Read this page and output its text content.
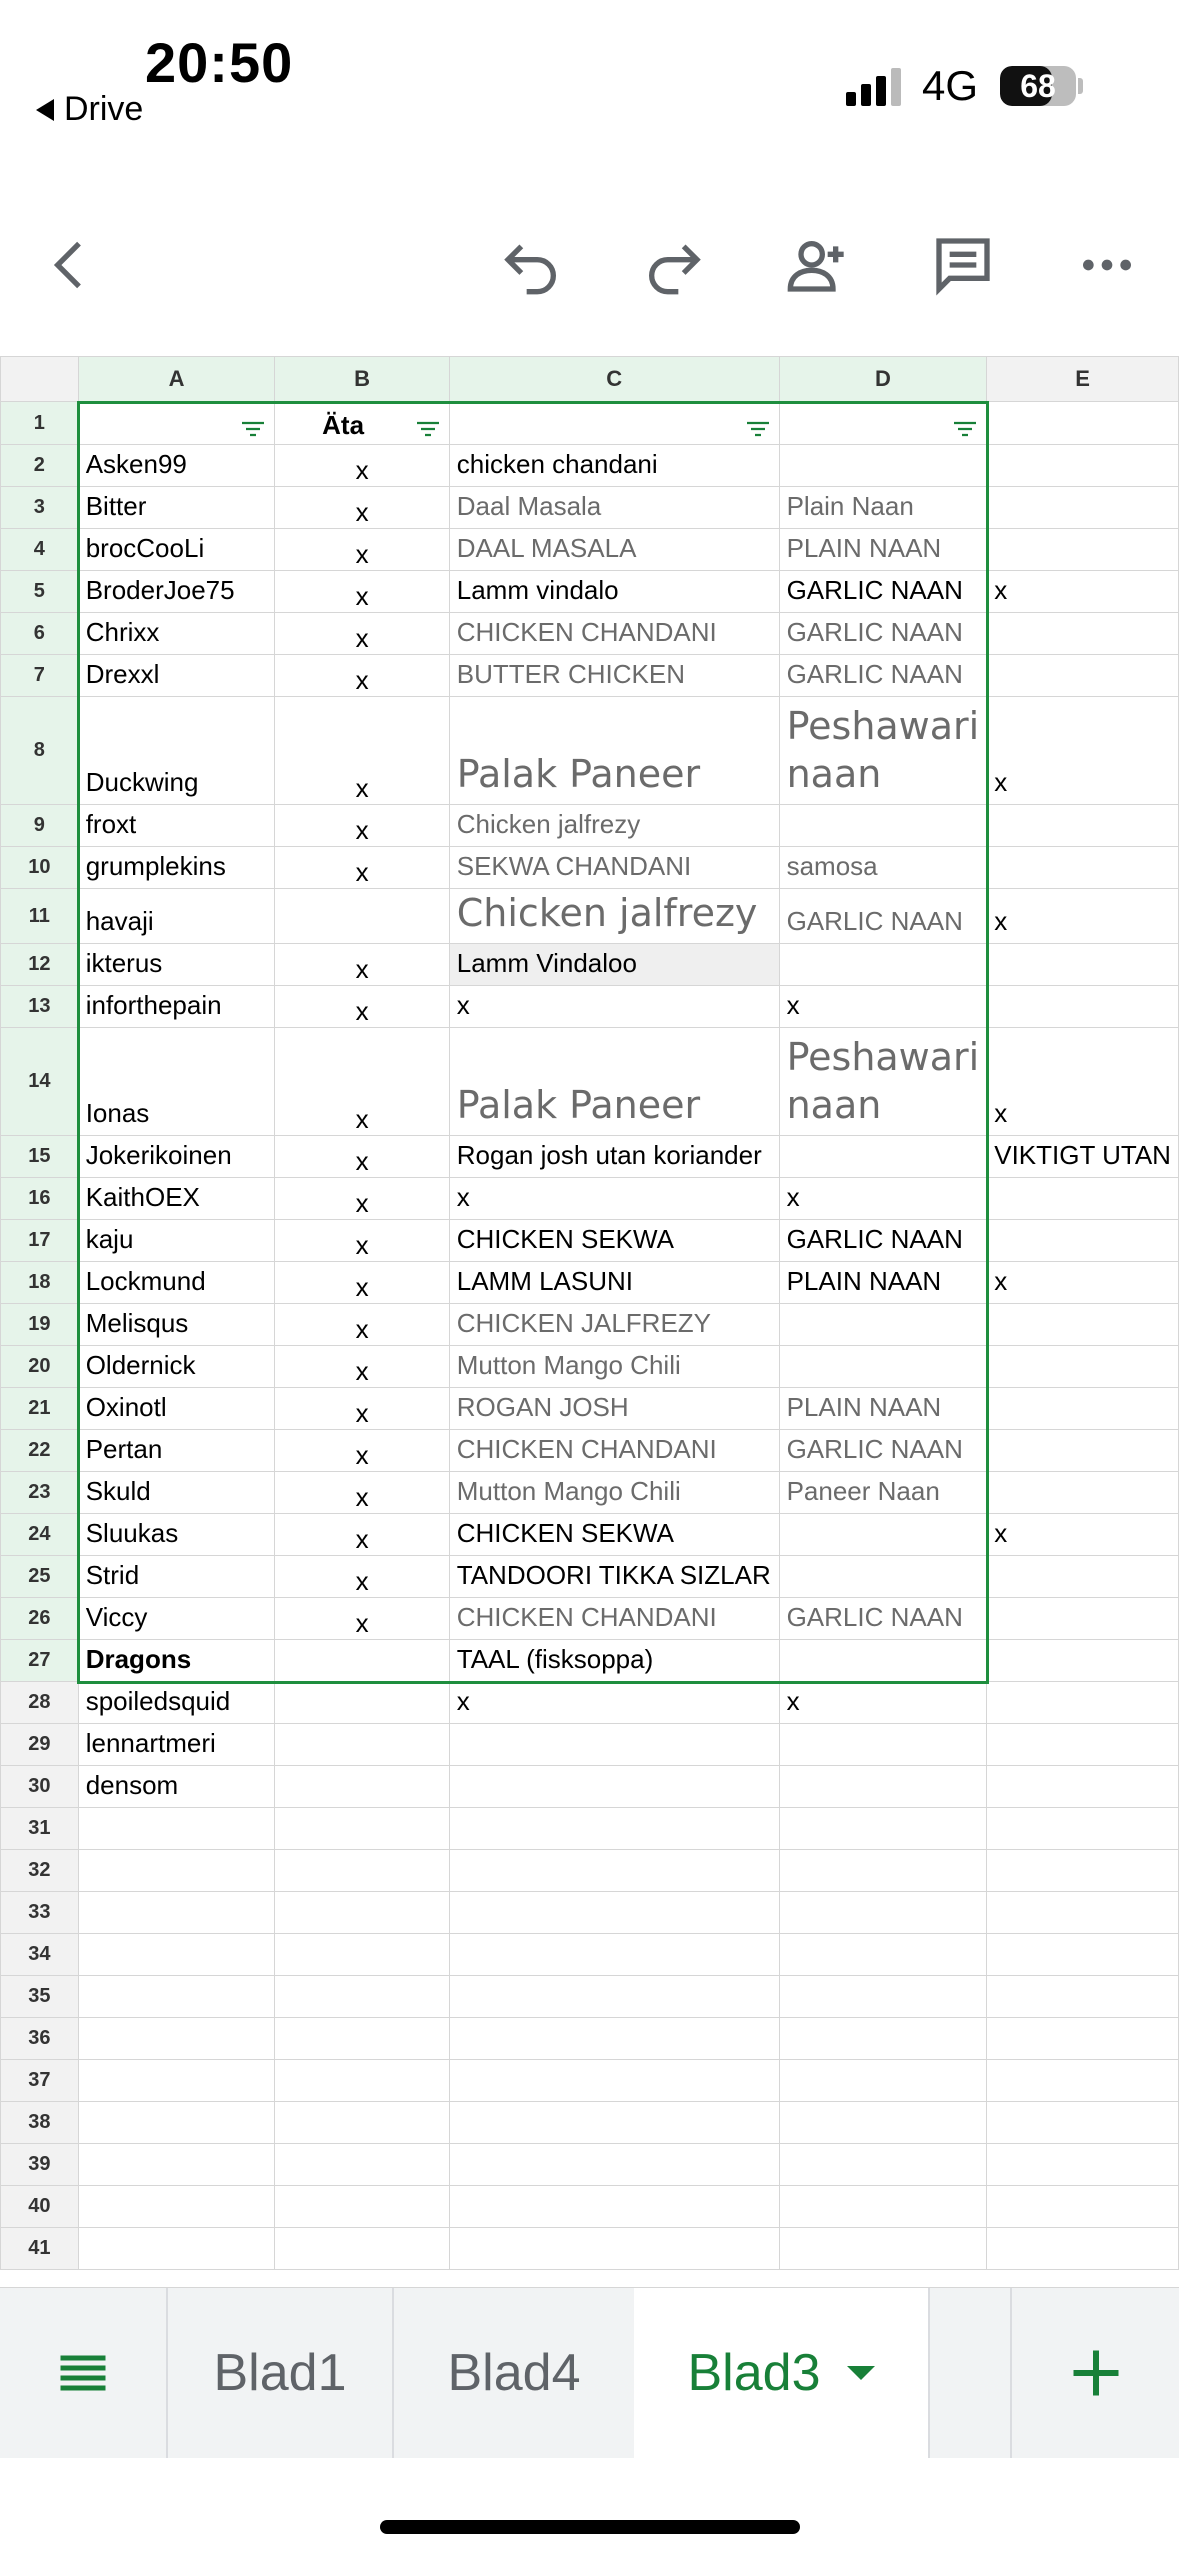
20:50
Drive	4G	68
	A	B	C	D	E
1		Äta

2	Asken99	x	chicken chandani		
3	Bitter	x	Daal Masala	Plain Naan	
4	brocCooLi	x	DAAL MASALA	PLAIN NAAN	
5	BroderJoe75	x	Lamm vindalo	GARLIC NAAN	x
6	Chrixx	x	CHICKEN CHANDANI	GARLIC NAAN	
7	Drexxl	x	BUTTER CHICKEN	GARLIC NAAN	
8	Duckwing	x	Palak Paneer	Peshawari naan	x
9	froxt	x	Chicken jalfrezy		
10	grumplekins	x	SEKWA CHANDANI	samosa	
11	havaji		Chicken jalfrezy	GARLIC NAAN	x
12	ikterus	x	Lamm Vindaloo		
13	inforthepain	x	x	x	
14	Ionas	x	Palak Paneer	Peshawari naan	x
15	Jokerikoinen	x	Rogan josh utan koriander		VIKTIGT UTAN
16	KaithOEX	x	x	x	
17	kaju	x	CHICKEN SEKWA	GARLIC NAAN	
18	Lockmund	x	LAMM LASUNI	PLAIN NAAN	x
19	Melisqus	x	CHICKEN JALFREZY		
20	Oldernick	x	Mutton Mango Chili		
21	Oxinotl	x	ROGAN JOSH	PLAIN NAAN	
22	Pertan	x	CHICKEN CHANDANI	GARLIC NAAN	
23	Skuld	x	Mutton Mango Chili	Paneer Naan	
24	Sluukas	x	CHICKEN SEKWA		x
25	Strid	x	TANDOORI TIKKA SIZLAR		
26	Viccy	x	CHICKEN CHANDANI	GARLIC NAAN	
27	Dragons		TAAL (fisksoppa)		
28	spoiledsquid		x	x	
29	lennartmeri				
30	densom				
31					
32					
33					
34					
35					
36					
37					
38					
39					
40					
41					
Blad1	Blad4	Blad3
